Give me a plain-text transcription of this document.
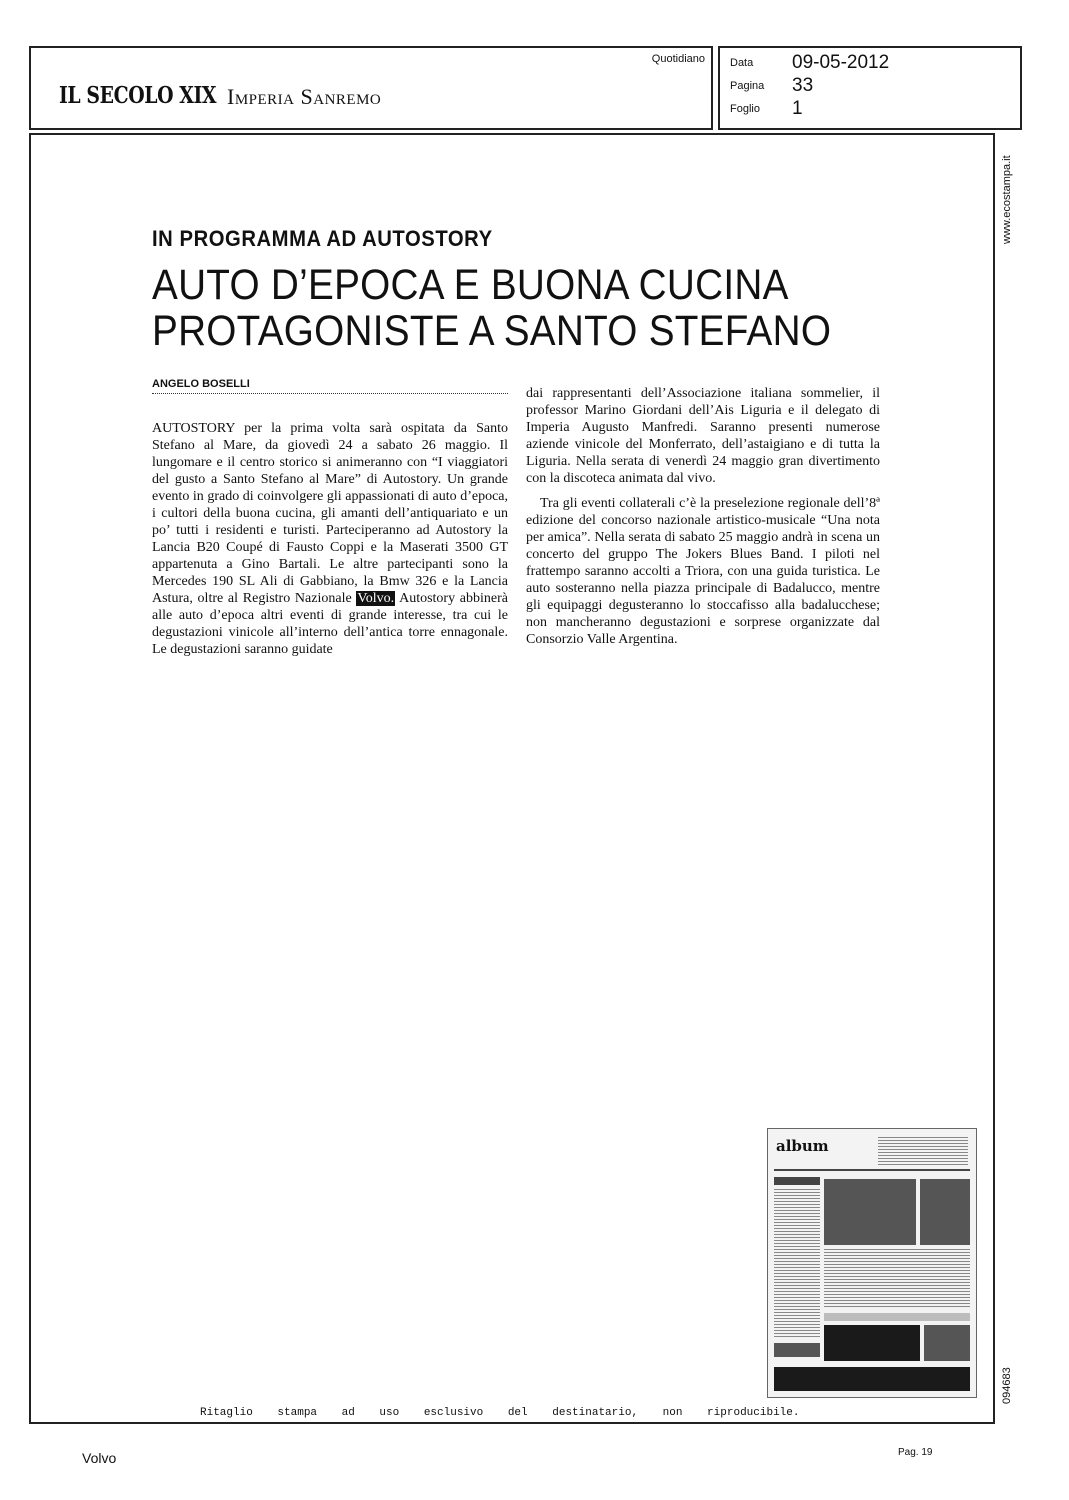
IL SECOLO XIX Imperia Sanremo
Quotidiano Data 09-05-2012
Pagina 33
Foglio 1
www.ecostampa.it
094683
IN PROGRAMMA AD AUTOSTORY
AUTO D’EPOCA E BUONA CUCINA
PROTAGONISTE A SANTO STEFANO
ANGELO BOSELLI

AUTOSTORY per la prima volta sarà ospitata da Santo Stefano al Mare, da giovedì 24 a sabato 26 maggio. Il lungomare e il centro storico si animeranno con “I viaggiatori del gusto a Santo Stefano al Mare” di Autostory. Un grande evento in grado di coinvolgere gli appassionati di auto d’epoca, i cultori della buona cucina, gli amanti dell’antiquariato e un po’ tutti i residenti e turisti. Parteciperanno ad Autostory la Lancia B20 Coupé di Fausto Coppi e la Maserati 3500 GT appartenuta a Gino Bartali. Le altre partecipanti sono la Mercedes 190 SL Ali di Gabbiano, la Bmw 326 e la Lancia Astura, oltre al Registro Nazionale Volvo. Autostory abbinerà alle auto d’epoca altri eventi di grande interesse, tra cui le degustazioni vinicole all’interno dell’antica torre ennagonale. Le degustazioni saranno guidate

dai rappresentanti dell’Associazione italiana sommelier, il professor Marino Giordani dell’Ais Liguria e il delegato di Imperia Augusto Manfredi. Saranno presenti numerose aziende vinicole del Monferrato, dell’astaigiano e di tutta la Liguria. Nella serata di venerdì 24 maggio gran divertimento con la discoteca animata dal vivo.

Tra gli eventi collaterali c’è la preselezione regionale dell’8ª edizione del concorso nazionale artistico-musicale “Una nota per amica”. Nella serata di sabato 25 maggio andrà in scena un concerto del gruppo The Jokers Blues Band. I piloti nel frattempo saranno accolti a Triora, con una guida turistica. Le auto sosteranno nella piazza principale di Badalucco, mentre gli equipaggi degusteranno lo stoccafisso alla badalucchese; non mancheranno degustazioni e sorprese organizzate dal Consorzio Valle Argentina.

album
Ritaglio stampa ad uso esclusivo del destinatario, non riproducibile.
Volvo	Pag. 19
